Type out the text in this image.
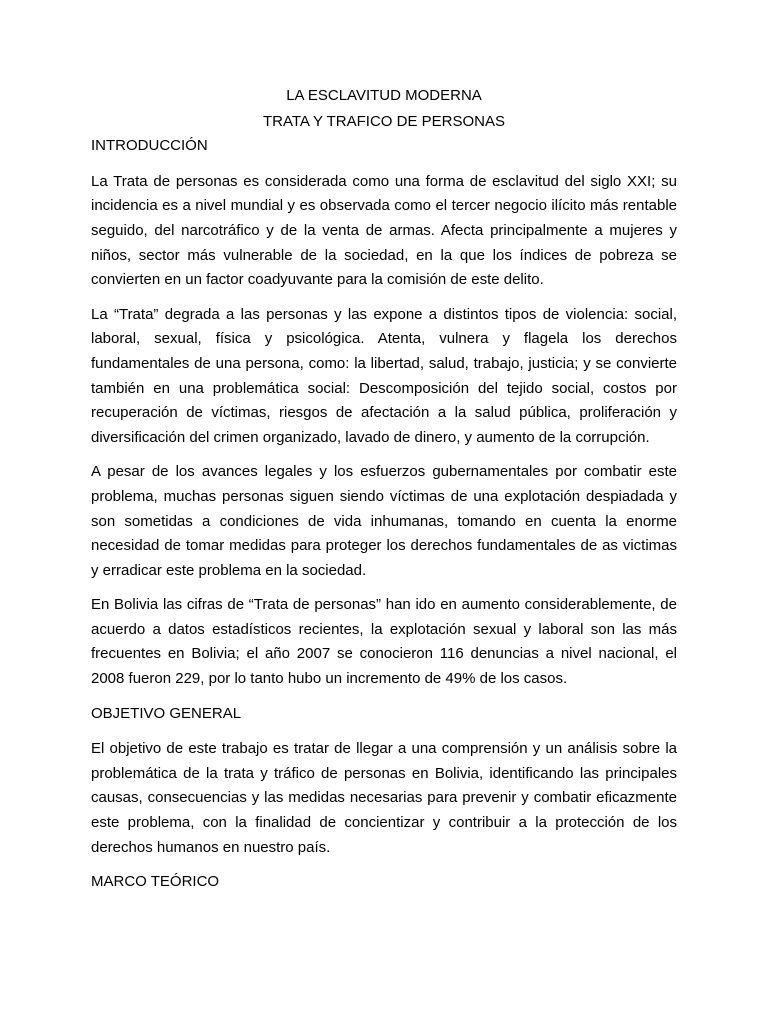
LA ESCLAVITUD MODERNA
TRATA Y TRAFICO DE PERSONAS
INTRODUCCIÓN

La Trata de personas es considerada como una forma de esclavitud del siglo XXI; su incidencia es a nivel mundial y es observada como el tercer negocio ilícito más rentable seguido, del narcotráfico y de la venta de armas. Afecta principalmente a mujeres y niños, sector más vulnerable de la sociedad, en la que los índices de pobreza se convierten en un factor coadyuvante para la comisión de este delito.

La “Trata” degrada a las personas y las expone a distintos tipos de violencia: social, laboral, sexual, física y psicológica. Atenta, vulnera y flagela los derechos fundamentales de una persona, como: la libertad, salud, trabajo, justicia; y se convierte también en una problemática social: Descomposición del tejido social, costos por recuperación de víctimas, riesgos de afectación a la salud pública, proliferación y diversificación del crimen organizado, lavado de dinero, y aumento de la corrupción.

A pesar de los avances legales y los esfuerzos gubernamentales por combatir este problema, muchas personas siguen siendo víctimas de una explotación despiadada y son sometidas a condiciones de vida inhumanas, tomando en cuenta la enorme necesidad de tomar medidas para proteger los derechos fundamentales de as victimas y erradicar este problema en la sociedad.

En Bolivia las cifras de “Trata de personas” han ido en aumento considerablemente, de acuerdo a datos estadísticos recientes, la explotación sexual y laboral son las más frecuentes en Bolivia; el año 2007 se conocieron 116 denuncias a nivel nacional, el 2008 fueron 229, por lo tanto hubo un incremento de 49% de los casos.

OBJETIVO GENERAL

El objetivo de este trabajo es tratar de llegar a una comprensión y un análisis sobre la problemática de la trata y tráfico de personas en Bolivia, identificando las principales causas, consecuencias y las medidas necesarias para prevenir y combatir eficazmente este problema, con la finalidad de concientizar y contribuir a la protección de los derechos humanos en nuestro país.

MARCO TEÓRICO
